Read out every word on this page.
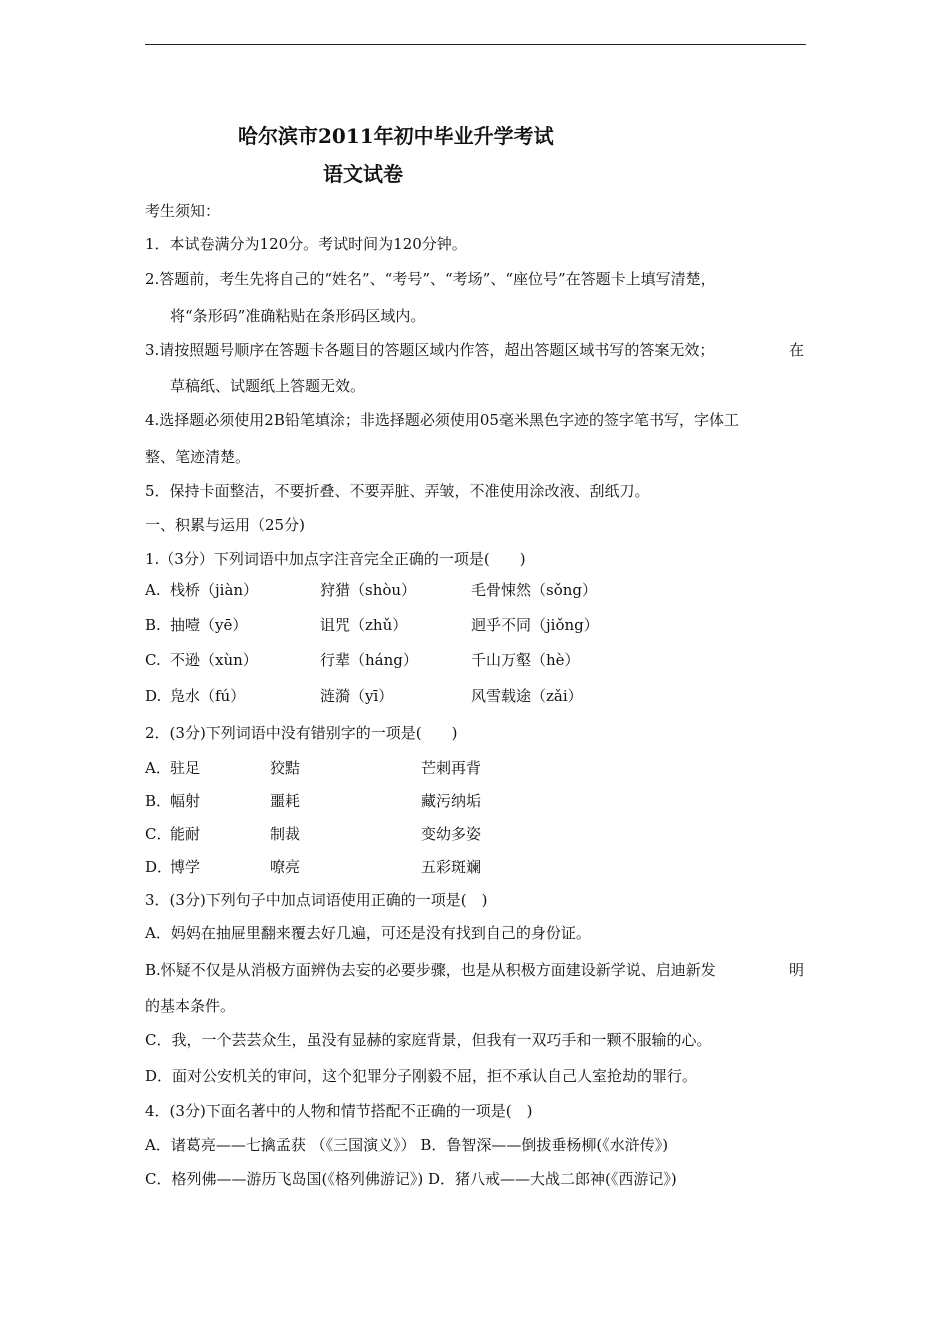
哈尔滨市2011年初中毕业升学考试
语文试卷
考生须知：
1．本试卷满分为120分。考试时间为120分钟。
2.答题前，考生先将自己的“姓名”、“考号”、“考场”、“座位号”在答题卡上填写清楚，
将“条形码”准确粘贴在条形码区域内。
3.请按照题号顺序在答题卡各题目的答题区域内作答，超出答题区域书写的答案无效；	在
草稿纸、试题纸上答题无效。
4.选择题必须使用2B铅笔填涂；非选择题必须使用05毫米黑色字迹的签字笔书写，字体工
整、笔迹清楚。
5．保持卡面整洁，不要折叠、不要弄脏、弄皱，不准使用涂改液、刮纸刀。
一、积累与运用（25分)
1.（3分）下列词语中加点字注音完全正确的一项是(　　)
A. 栈桥（jiàn）	狩猎（shòu）	毛骨悚然（sǒng）
B. 抽噎（yē）	诅咒（zhǔ）	迥乎不同（jiǒng）
C. 不逊（xùn）	行辈（háng）	千山万壑（hè）
D. 凫水（fú）	涟漪（yī）	风雪载途（zǎi）
2．(3分)下列词语中没有错别字的一项是(　　)
A． 驻足	狡黠	芒刺再背
B．
幅射	噩耗	藏污纳垢
C．
能耐	制裁	变幼多姿
D．
博学	嘹亮	五彩斑斓
3．(3分)下列句子中加点词语使用正确的一项是(　)
A．妈妈在抽屉里翻来覆去好几遍，可还是没有找到自己的身份证。
B.怀疑不仅是从消极方面辨伪去妄的必要步骤，也是从积极方面建设新学说、启迪新发	明
的基本条件。
C．我，一个芸芸众生，虽没有显赫的家庭背景，但我有一双巧手和一颗不服输的心。
D．面对公安机关的审问，这个犯罪分子刚毅不屈，拒不承认自己人室抢劫的罪行。
4．(3分)下面名著中的人物和情节搭配不正确的一项是(　)
A．诸葛亮——七擒孟获 （《三国演义》） B．鲁智深——倒拔垂杨柳(《水浒传》)
C．格列佛——游历飞岛国(《格列佛游记》) D．猪八戒——大战二郎神(《西游记》)
